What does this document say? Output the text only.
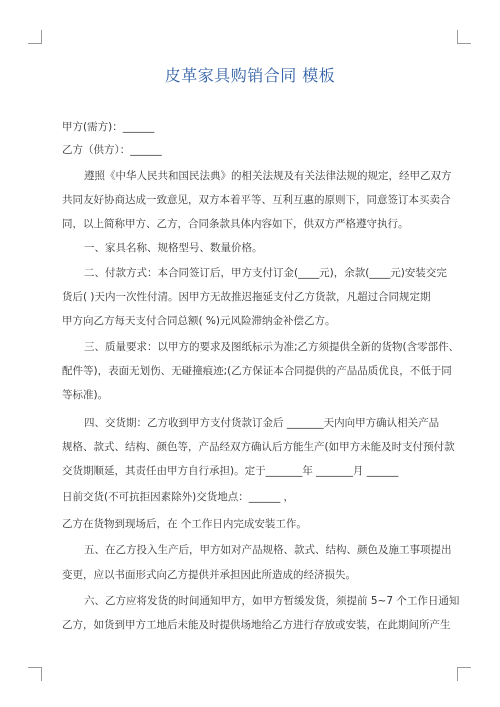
皮革家具购销合同 模板
甲方(需方)：______
乙方（供方）：______
遵照《中华人民共和国民法典》的相关法规及有关法律法规的规定，经甲乙双方
共同友好协商达成一致意见，双方本着平等、互利互惠的原则下，同意签订本买卖合
同，以上简称甲方、乙方，合同条款具体内容如下，供双方严格遵守执行。
一、家具名称、规格型号、数量价格。
二、付款方式：本合同签订后，甲方支付订金(____元)，余款(____元)安装交完
货后( )天内一次性付清。因甲方无故推迟拖延支付乙方货款，凡超过合同规定期
甲方向乙方每天支付合同总额( %)元风险滞纳金补偿乙方。
三、质量要求：以甲方的要求及图纸标示为准;乙方须提供全新的货物(含零部件、
配件等)，表面无划伤、无碰撞痕迹;(乙方保证本合同提供的产品品质优良，不低于同
等标准)。
四、交货期：乙方收到甲方支付货款订金后 _______天内向甲方确认相关产品
规格、款式、结构、颜色等，产品经双方确认后方能生产(如甲方未能及时支付预付款
交货期顺延，其责任由甲方自行承担)。定于_______年 _______月 ______
日前交货(不可抗拒因素除外)交货地点：______ ，
乙方在货物到现场后，在 个工作日内完成安装工作。
五、在乙方投入生产后，甲方如对产品规格、款式、结构、颜色及施工事项提出
变更，应以书面形式向乙方提供并承担因此所造成的经济损失。
六、乙方应将发货的时间通知甲方，如甲方暂缓发货，须提前 5~7 个工作日通知
乙方，如货到甲方工地后未能及时提供场地给乙方进行存放或安装，在此期间所产生
